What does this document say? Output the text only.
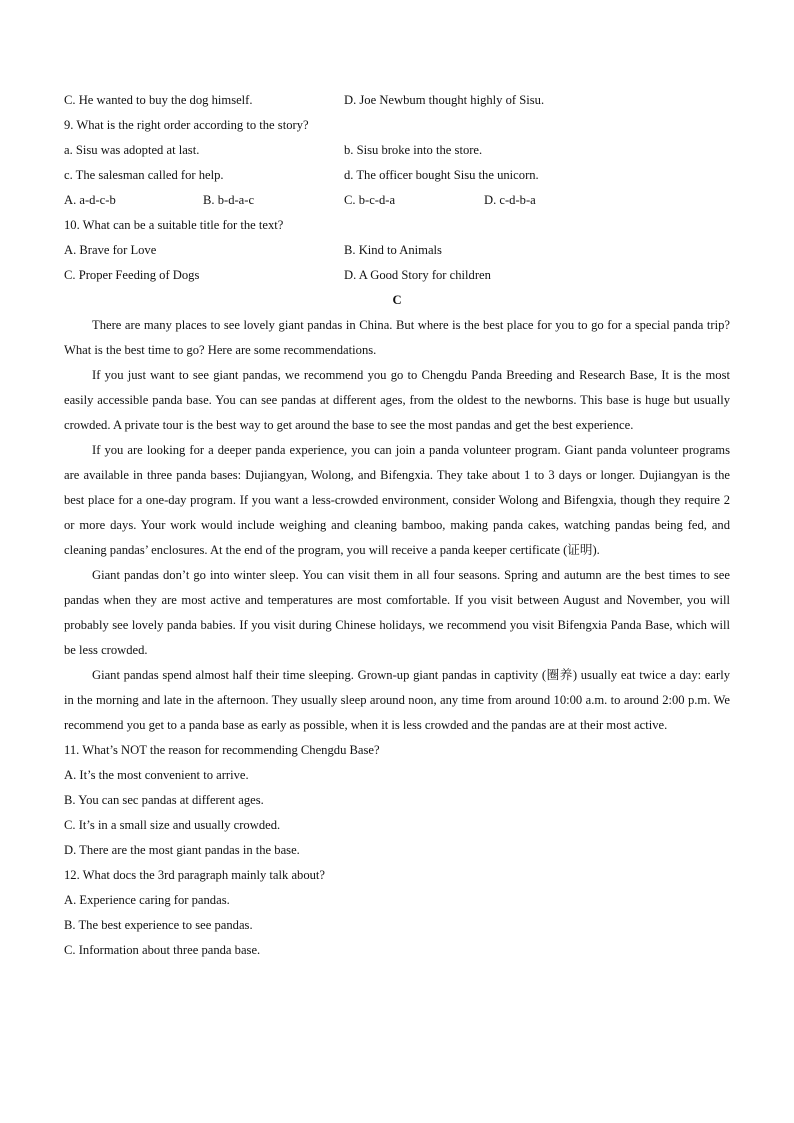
C. He wanted to buy the dog himself.	D. Joe Newbum thought highly of Sisu.
9. What is the right order according to the story?
a. Sisu was adopted at last.	b. Sisu broke into the store.
c. The salesman called for help.	d. The officer bought Sisu the unicorn.
A. a-d-c-b	B. b-d-a-c	C. b-c-d-a	D. c-d-b-a
10. What can be a suitable title for the text?
A. Brave for Love	B. Kind to Animals
C. Proper Feeding of Dogs	D. A Good Story for children
C

There are many places to see lovely giant pandas in China. But where is the best place for you to go for a special panda trip? What is the best time to go? Here are some recommendations.

If you just want to see giant pandas, we recommend you go to Chengdu Panda Breeding and Research Base, It is the most easily accessible panda base. You can see pandas at different ages, from the oldest to the newborns. This base is huge but usually crowded. A private tour is the best way to get around the base to see the most pandas and get the best experience.

If you are looking for a deeper panda experience, you can join a panda volunteer program. Giant panda volunteer programs are available in three panda bases: Dujiangyan, Wolong, and Bifengxia. They take about 1 to 3 days or longer. Dujiangyan is the best place for a one-day program. If you want a less-crowded environment, consider Wolong and Bifengxia, though they require 2 or more days. Your work would include weighing and cleaning bamboo, making panda cakes, watching pandas being fed, and cleaning pandas’ enclosures. At the end of the program, you will receive a panda keeper certificate (证明).

Giant pandas don’t go into winter sleep. You can visit them in all four seasons. Spring and autumn are the best times to see pandas when they are most active and temperatures are most comfortable. If you visit between August and November, you will probably see lovely panda babies. If you visit during Chinese holidays, we recommend you visit Bifengxia Panda Base, which will be less crowded.

Giant pandas spend almost half their time sleeping. Grown-up giant pandas in captivity (圈养) usually eat twice a day: early in the morning and late in the afternoon. They usually sleep around noon, any time from around 10:00 a.m. to around 2:00 p.m. We recommend you get to a panda base as early as possible, when it is less crowded and the pandas are at their most active.

11. What’s NOT the reason for recommending Chengdu Base?
A. It’s the most convenient to arrive.
B. You can sec pandas at different ages.
C. It’s in a small size and usually crowded.
D. There are the most giant pandas in the base.
12. What docs the 3rd paragraph mainly talk about?
A. Experience caring for pandas.
B. The best experience to see pandas.
C. Information about three panda base.
